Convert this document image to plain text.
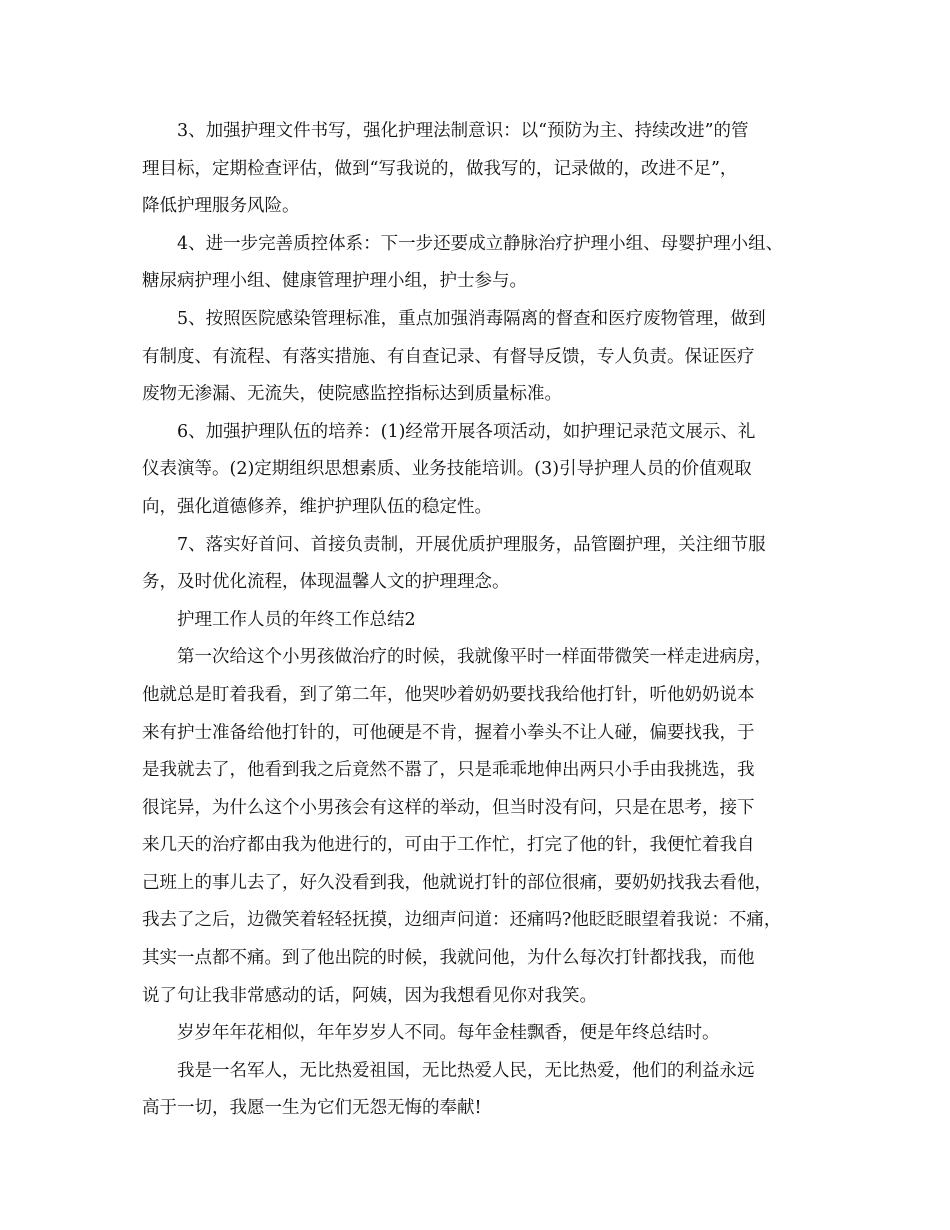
3、加强护理文件书写，强化护理法制意识：以“预防为主、持续改进”的管
理目标，定期检查评估，做到“写我说的，做我写的，记录做的，改进不足”，
降低护理服务风险。
4、进一步完善质控体系：下一步还要成立静脉治疗护理小组、母婴护理小组、
糖尿病护理小组、健康管理护理小组，护士参与。
5、按照医院感染管理标准，重点加强消毒隔离的督查和医疗废物管理，做到
有制度、有流程、有落实措施、有自查记录、有督导反馈，专人负责。保证医疗
废物无渗漏、无流失，使院感监控指标达到质量标准。
6、加强护理队伍的培养：(1)经常开展各项活动，如护理记录范文展示、礼
仪表演等。(2)定期组织思想素质、业务技能培训。(3)引导护理人员的价值观取
向，强化道德修养，维护护理队伍的稳定性。
7、落实好首问、首接负责制，开展优质护理服务，品管圈护理，关注细节服
务，及时优化流程，体现温馨人文的护理理念。
护理工作人员的年终工作总结2
第一次给这个小男孩做治疗的时候，我就像平时一样面带微笑一样走进病房，
他就总是盯着我看，到了第二年，他哭吵着奶奶要找我给他打针，听他奶奶说本
来有护士准备给他打针的，可他硬是不肯，握着小拳头不让人碰，偏要找我，于
是我就去了，他看到我之后竟然不嚣了，只是乖乖地伸出两只小手由我挑选，我
很诧异，为什么这个小男孩会有这样的举动，但当时没有问，只是在思考，接下
来几天的治疗都由我为他进行的，可由于工作忙，打完了他的针，我便忙着我自
己班上的事儿去了，好久没看到我，他就说打针的部位很痛，要奶奶找我去看他，
我去了之后，边微笑着轻轻抚摸，边细声问道：还痛吗?他眨眨眼望着我说：不痛，
其实一点都不痛。到了他出院的时候，我就问他，为什么每次打针都找我，而他
说了句让我非常感动的话，阿姨，因为我想看见你对我笑。
岁岁年年花相似，年年岁岁人不同。每年金桂飘香，便是年终总结时。
我是一名军人，无比热爱祖国，无比热爱人民，无比热爱，他们的利益永远
高于一切，我愿一生为它们无怨无悔的奉献!
